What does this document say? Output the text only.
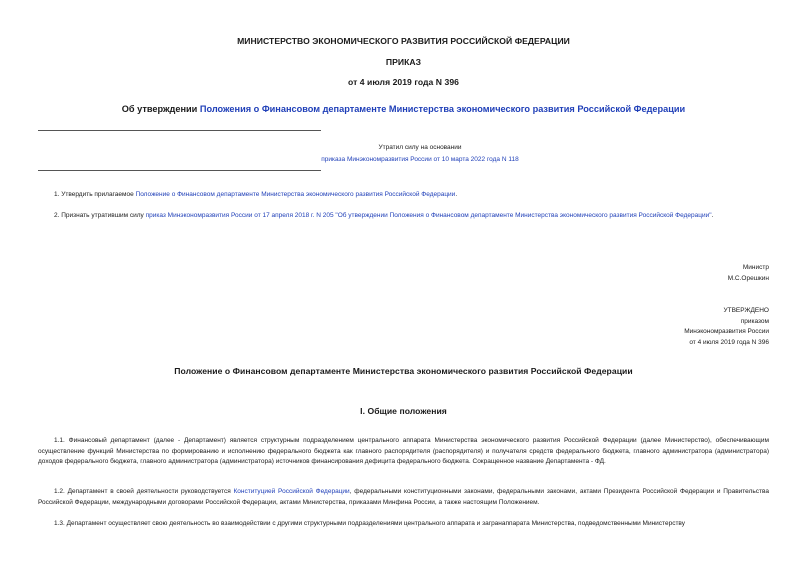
МИНИСТЕРСТВО ЭКОНОМИЧЕСКОГО РАЗВИТИЯ РОССИЙСКОЙ ФЕДЕРАЦИИ
ПРИКАЗ
от 4 июля 2019 года N 396
Об утверждении Положения о Финансовом департаменте Министерства экономического развития Российской Федерации
Утратил силу на основании
приказа Минэкономразвития России от 10 марта 2022 года N 118
1. Утвердить прилагаемое Положение о Финансовом департаменте Министерства экономического развития Российской Федерации.
2. Признать утратившим силу приказ Минэкономразвития России от 17 апреля 2018 г. N 205 "Об утверждении Положения о Финансовом департаменте Министерства экономического развития Российской Федерации".
Министр
М.С.Орешкин
УТВЕРЖДЕНО
приказом
Минэкономразвития России
от 4 июля 2019 года N 396
Положение о Финансовом департаменте Министерства экономического развития Российской Федерации
I. Общие положения
1.1. Финансовый департамент (далее - Департамент) является структурным подразделением центрального аппарата Министерства экономического развития Российской Федерации (далее Министерство), обеспечивающим осуществление функций Министерства по формированию и исполнению федерального бюджета как главного распорядителя (распорядителя) и получателя средств федерального бюджета, главного администратора (администратора) доходов федерального бюджета, главного администратора (администратора) источников финансирования дефицита федерального бюджета. Сокращенное название Департамента - ФД.
1.2. Департамент в своей деятельности руководствуется Конституцией Российской Федерации, федеральными конституционными законами, федеральными законами, актами Президента Российской Федерации и Правительства Российской Федерации, международными договорами Российской Федерации, актами Министерства, приказами Минфина России, а также настоящим Положением.
1.3. Департамент осуществляет свою деятельность во взаимодействии с другими структурными подразделениями центрального аппарата и загранаппарата Министерства, подведомственными Министерству
